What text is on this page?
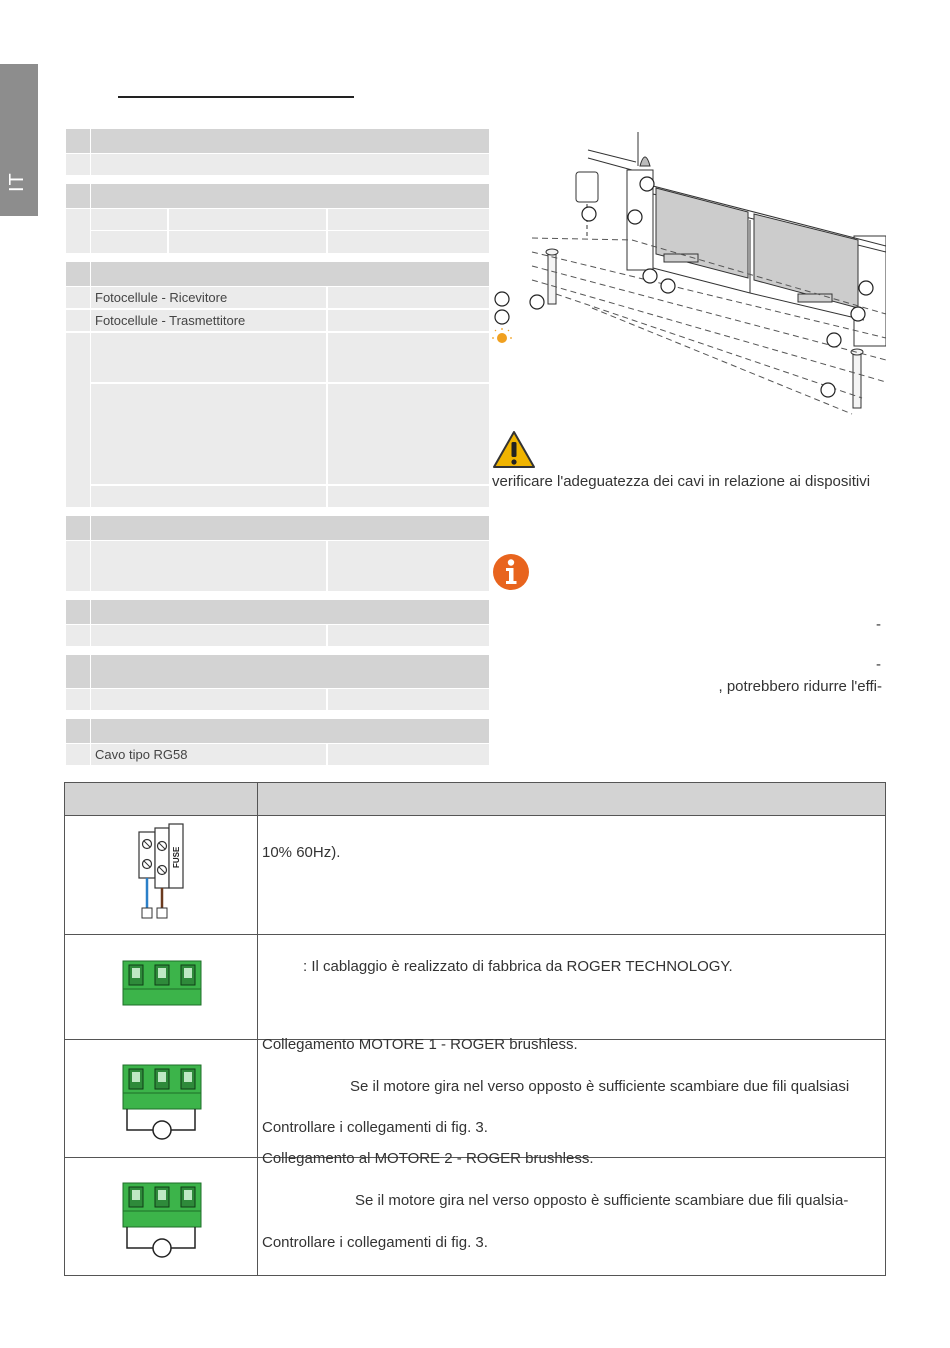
IT
Fotocellule - Ricevitore
Fotocellule - Trasmettitore
Cavo tipo RG58
verificare l'adeguatezza dei cavi in relazione ai dispositivi
-
-
, potrebbero ridurre l'effi-

FUSE	

		10% 60Hz).
: Il cablaggio è realizzato di fabbrica da ROGER TECHNOLOGY.
Collegamento MOTORE 1 - ROGER brushless.
Se il motore gira nel verso opposto è sufficiente scambiare due fili qualsiasi
Controllare i collegamenti di fig. 3.
Collegamento al MOTORE 2 - ROGER brushless.
Se il motore gira nel verso opposto è sufficiente scambiare due fili qualsia-
Controllare i collegamenti di fig. 3.
